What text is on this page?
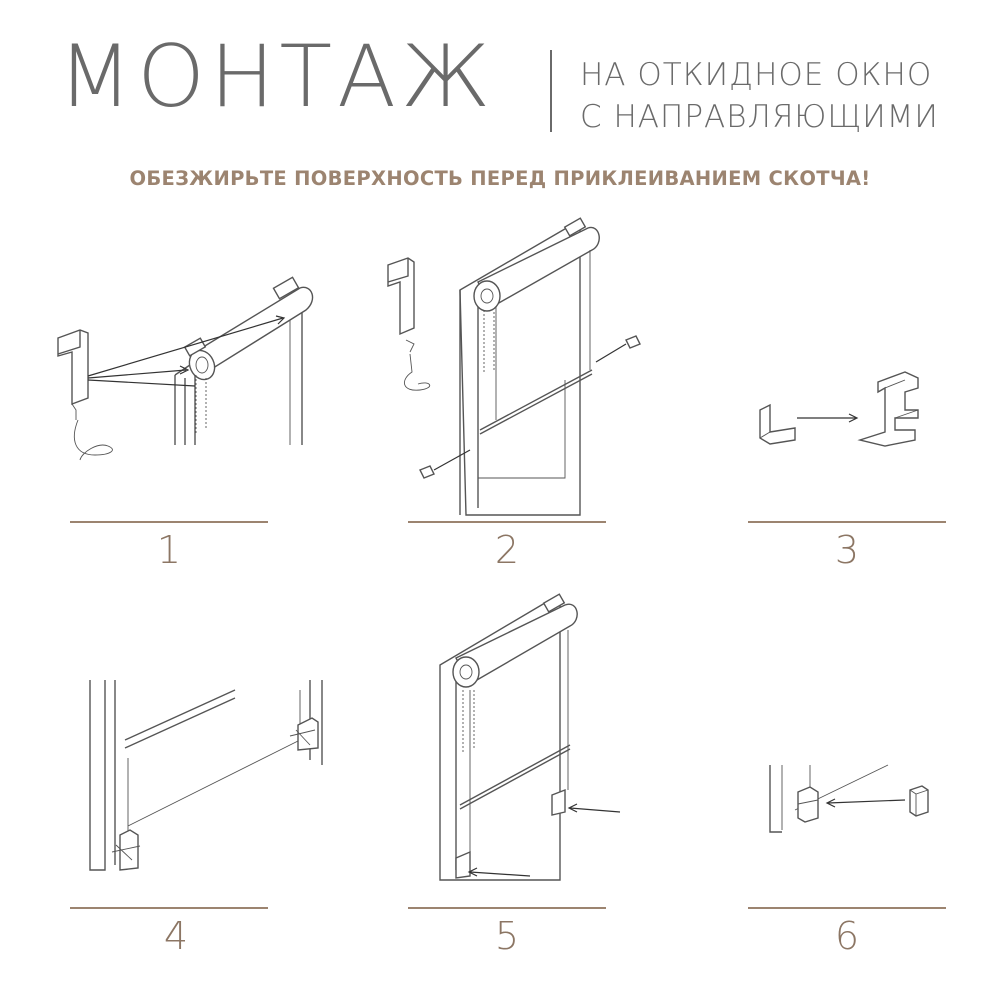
МОНТАЖ	НА ОТКИДНОЕ ОКНО
С НАПРАВЛЯЮЩИМИ
ОБЕЗЖИРЬТЕ ПОВЕРХНОСТЬ ПЕРЕД ПРИКЛЕИВАНИЕМ СКОТЧА!
1	2	3
4	5	6
